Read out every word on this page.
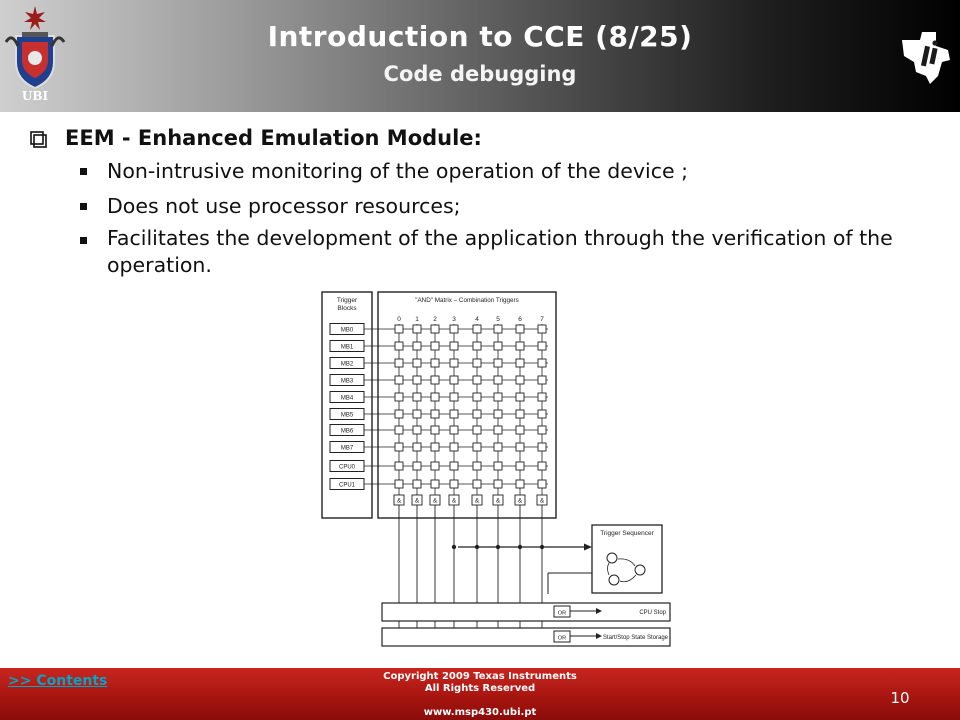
UBI
Introduction to CCE (8/25)
Code debugging
EEM - Enhanced Emulation Module:
Non-intrusive monitoring of the operation of the device ;
Does not use processor resources;
Facilitates the development of the application through the verification of the operation.
Trigger
Blocks
"AND" Matrix – Combination Triggers
0 1 2 3	4	5	6	7
MB0
MB1
MB2
MB3
MB4
MB5
MB6
MB7
CPU0
CPU1
& & & &	&	&	&	&
Trigger Sequencer
OR
OR
CPU Stop
Start/Stop State Storage
>> Contents	Copyright 2009 Texas Instruments
All Rights Reserved
www.msp430.ubi.pt
10
